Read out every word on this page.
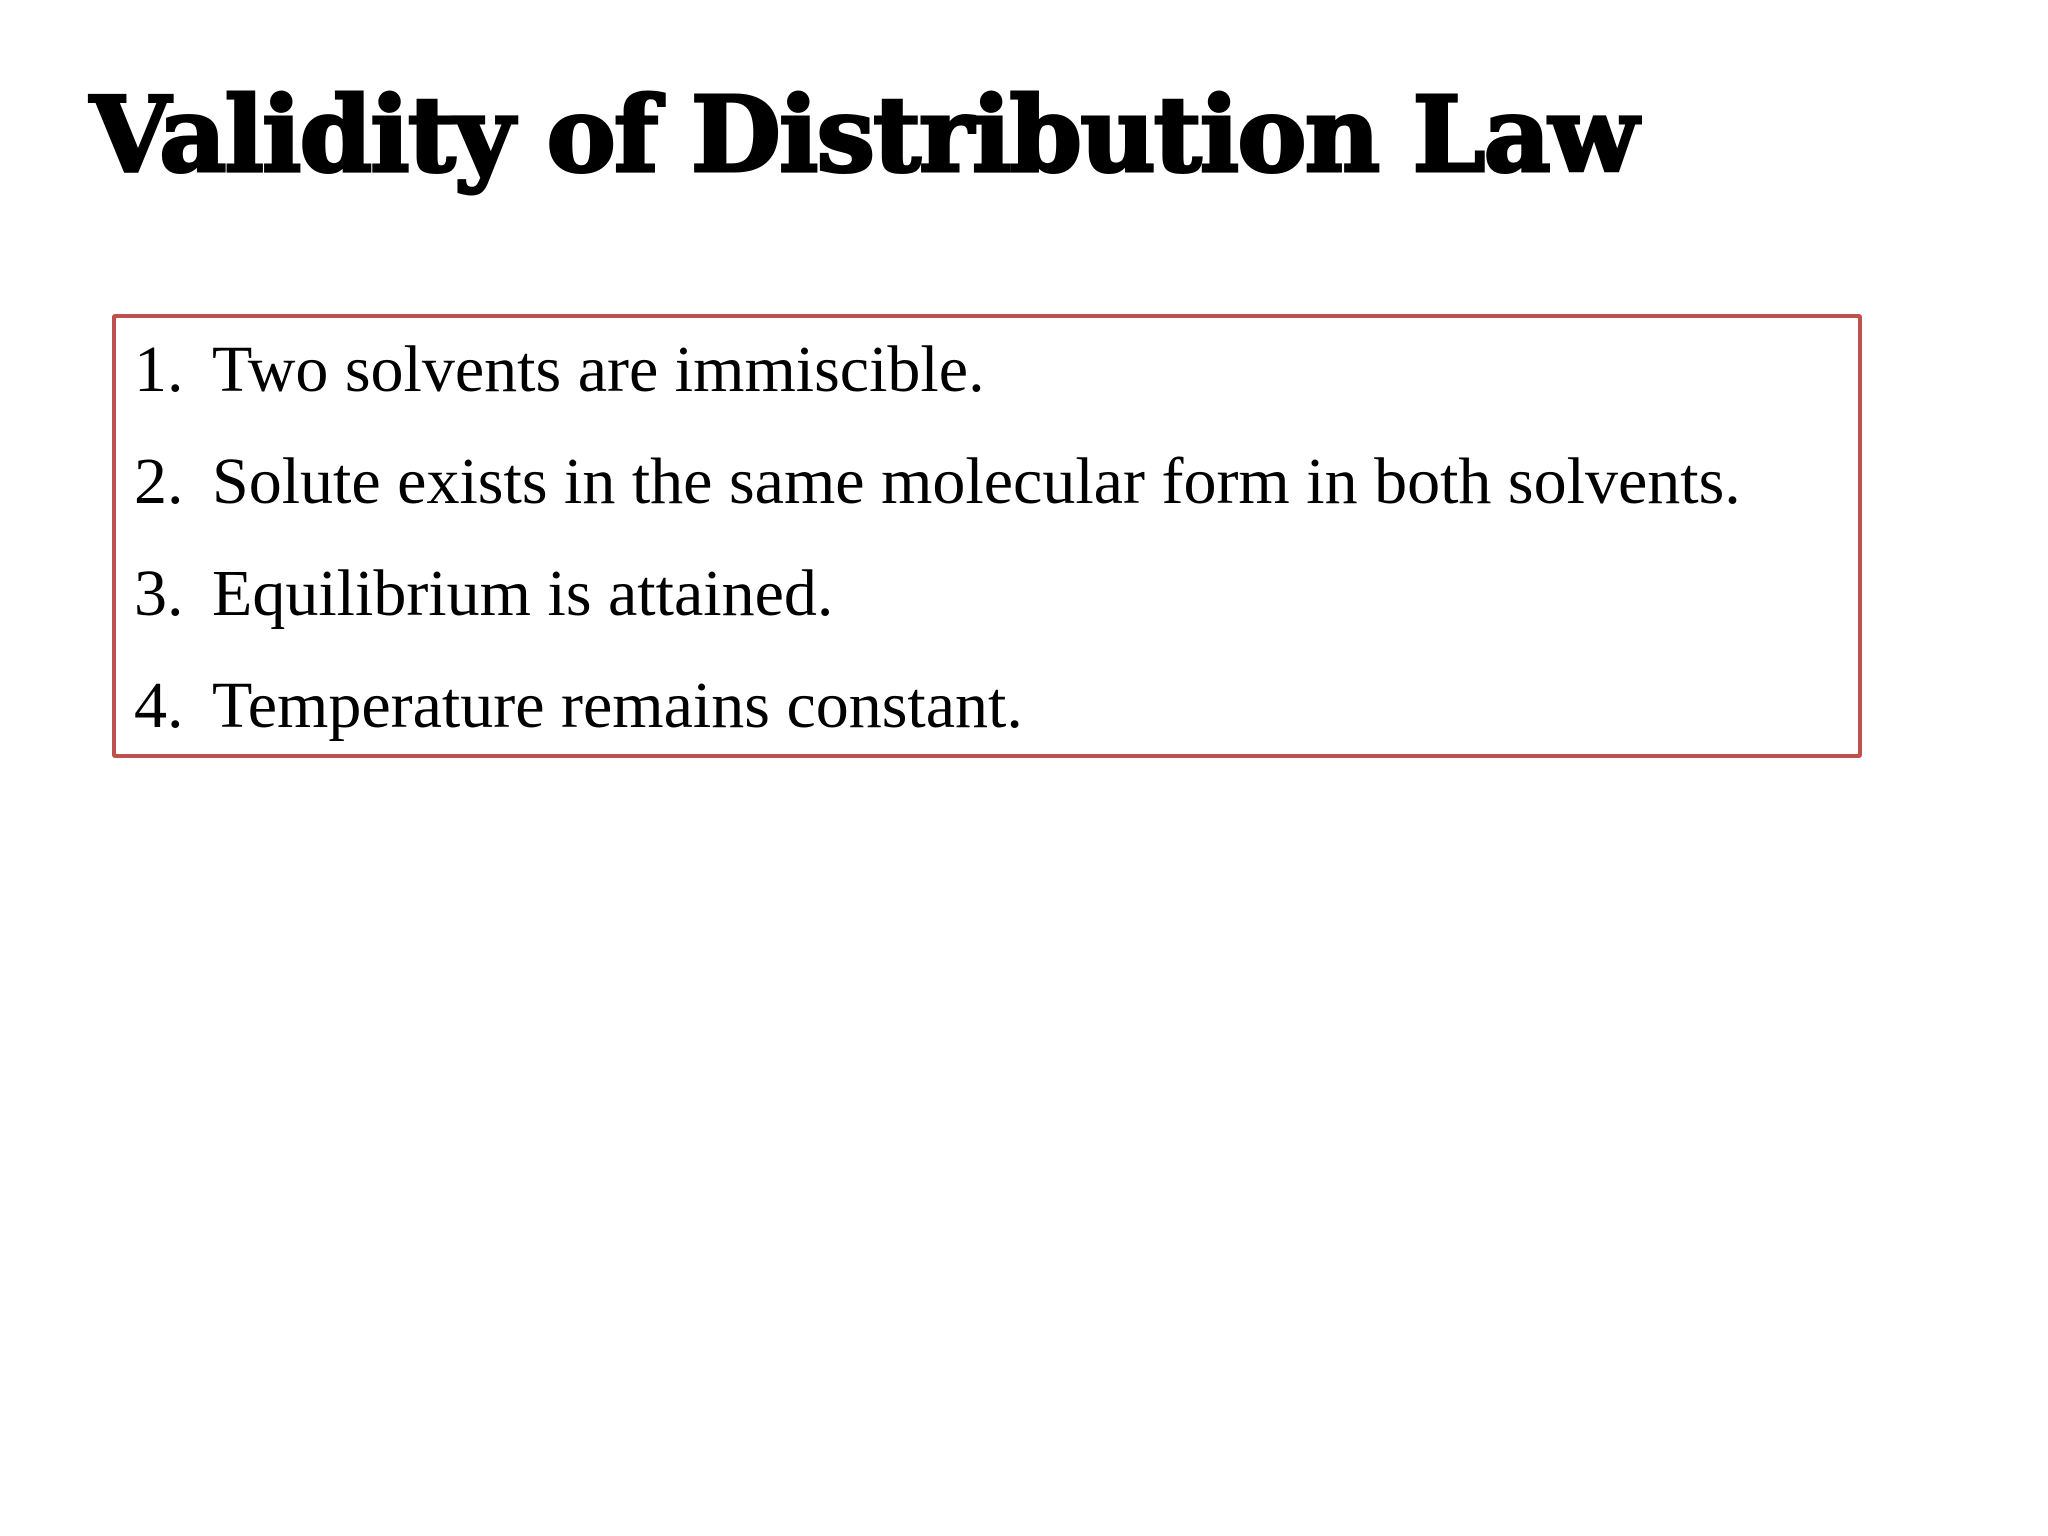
Validity of Distribution Law
1. Two solvents are immiscible.
2. Solute exists in the same molecular form in both solvents.
3. Equilibrium is attained.
4. Temperature remains constant.
